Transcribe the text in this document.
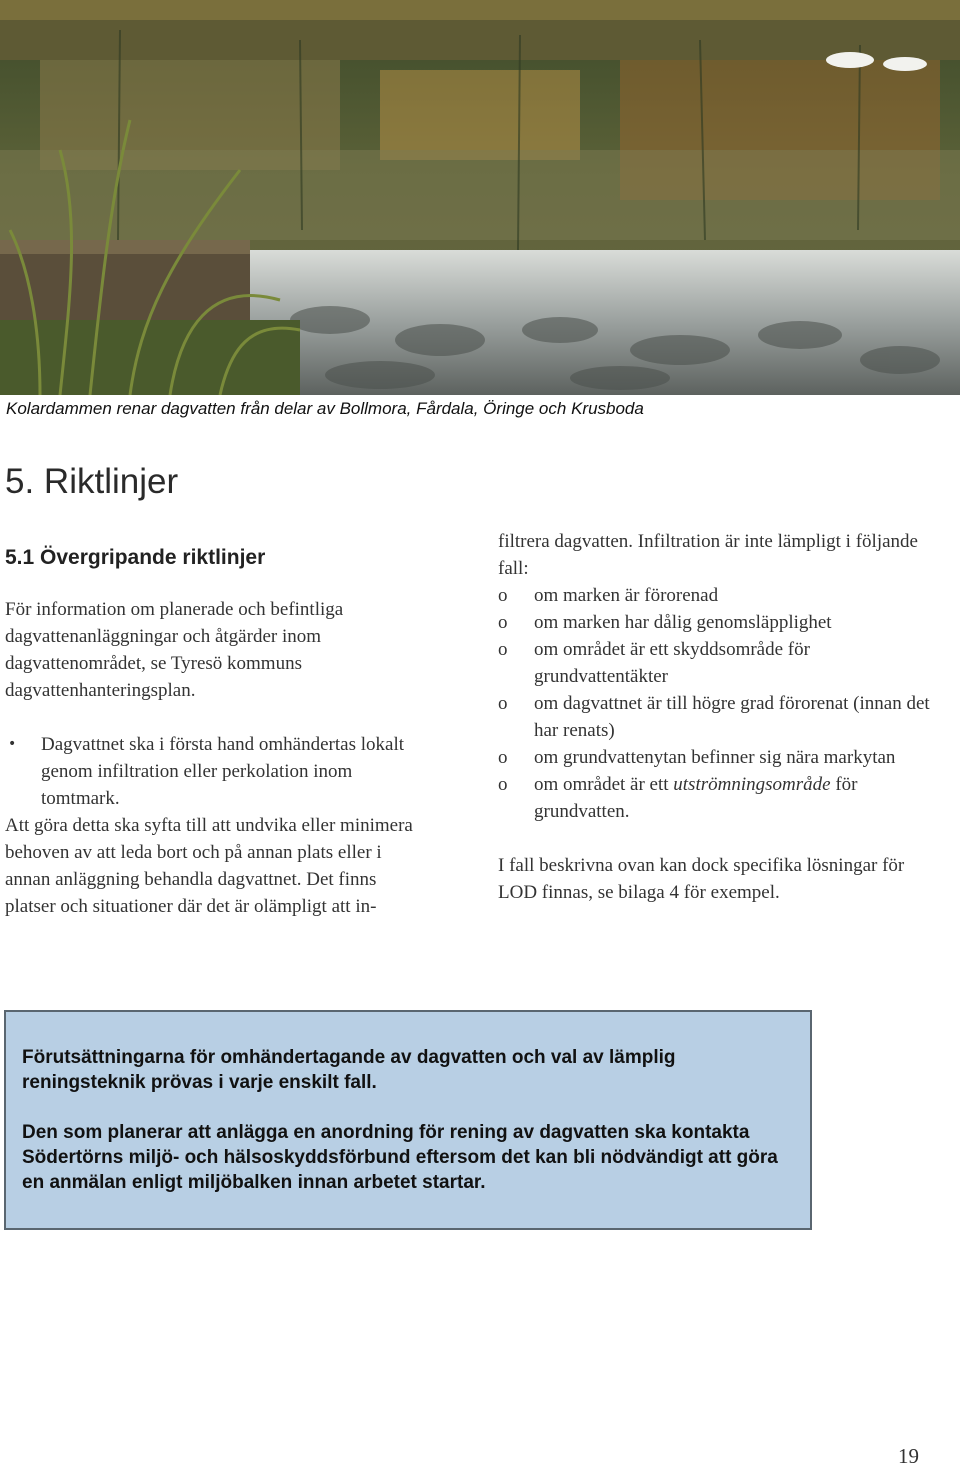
Kolardammen renar dagvatten från delar av Bollmora, Fårdala, Öringe och Krusboda
5. Riktlinjer
5.1 Övergripande riktlinjer

För information om planerade och befintliga dagvattenanläggningar och åtgärder inom dagvattenområdet, se Tyresö kommuns dagvattenhanteringsplan.

•	Dagvattnet ska i första hand omhändertas lokalt genom infiltration eller perkolation inom tomtmark.

Att göra detta ska syfta till att undvika eller minimera behoven av att leda bort och på annan plats eller i annan anläggning behandla dagvattnet. Det finns platser och situationer där det är olämpligt att in-

filtrera dagvatten. Infiltration är inte lämpligt i följande fall:

o	om marken är förorenad
o	om marken har dålig genomsläpplighet
o	om området är ett skyddsområde för grundvattentäkter
o	om dagvattnet är till högre grad förorenat (innan det har renats)
o	om grundvattenytan befinner sig nära markytan
o	om området är ett utströmningsområde för grundvatten.

I fall beskrivna ovan kan dock specifika lösningar för LOD finnas, se bilaga 4 för exempel.

Förutsättningarna för omhändertagande av dagvatten och val av lämplig reningsteknik prövas i varje enskilt fall.

Den som planerar att anlägga en anordning för rening av dagvatten ska kontakta Södertörns miljö- och hälsoskyddsförbund eftersom det kan bli nödvändigt att göra en anmälan enligt miljöbalken innan arbetet startar.

19
